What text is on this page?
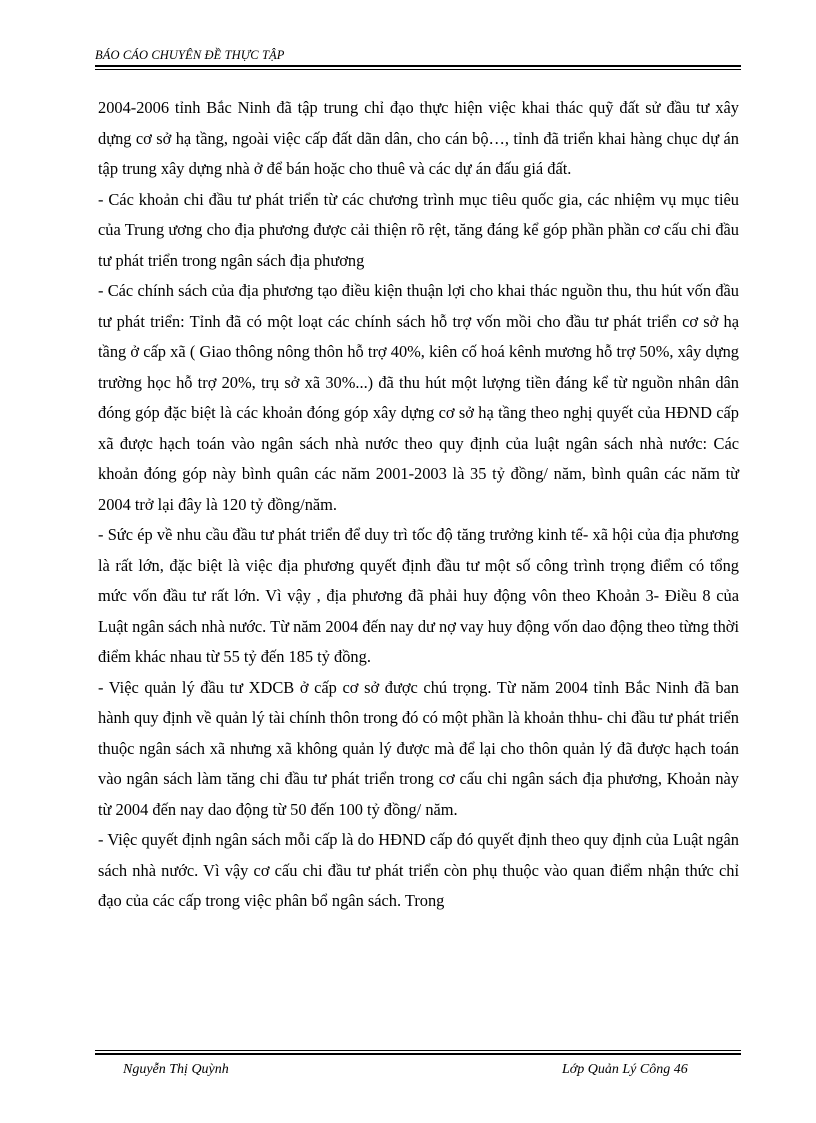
BÁO CÁO CHUYÊN ĐỀ THỰC TẬP

2004-2006 tỉnh Bắc Ninh đã tập trung chỉ đạo thực hiện việc khai thác quỹ đất sử đầu tư xây dựng cơ sở hạ tầng, ngoài việc cấp đất dãn dân, cho cán bộ…, tỉnh đã triển khai hàng chục dự án tập trung xây dựng nhà ở để bán hoặc cho thuê và các dự án đấu giá đất.

- Các khoản chi đầu tư phát triển từ các chương trình mục tiêu quốc gia, các nhiệm vụ mục tiêu của Trung ương cho địa phương được cải thiện rõ rệt, tăng đáng kể góp phần phần cơ cấu chi đầu tư phát triển trong ngân sách địa phương

- Các chính sách của địa phương tạo điều kiện thuận lợi cho khai thác nguồn thu, thu hút vốn đầu tư phát triển: Tỉnh đã có một loạt các chính sách hỗ trợ vốn mồi cho đầu tư phát triển cơ sở hạ tầng ở cấp xã ( Giao thông nông thôn hỗ trợ 40%, kiên cố hoá kênh mương hỗ trợ 50%, xây dựng trường học hỗ trợ 20%, trụ sở xã 30%...) đã thu hút một lượng tiền đáng kể từ nguồn nhân dân đóng góp đặc biệt là các khoản đóng góp xây dựng cơ sở hạ tầng theo nghị quyết của HĐND cấp xã được hạch toán vào ngân sách nhà nước theo quy định của luật ngân sách nhà nước: Các khoản đóng góp này bình quân các năm 2001-2003 là 35 tỷ đồng/ năm, bình quân các năm từ 2004 trở lại đây là 120 tỷ đồng/năm.

- Sức ép về nhu cầu đầu tư phát triển để duy trì tốc độ tăng trưởng kinh tế- xã hội của địa phương là rất lớn, đặc biệt là việc địa phương quyết định đầu tư một số công trình trọng điểm có tổng mức vốn đầu tư rất lớn. Vì vậy , địa phương đã phải huy động vôn theo Khoản 3- Điều 8 của Luật ngân sách nhà nước. Từ năm 2004 đến nay dư nợ vay huy động vốn dao động theo từng thời điểm khác nhau từ 55 tỷ đến 185 tỷ đồng.

- Việc quản lý đầu tư XDCB ở cấp cơ sở được chú trọng. Từ năm 2004 tỉnh Bắc Ninh đã ban hành quy định về quản lý tài chính thôn trong đó có một phần là khoản thhu- chi đầu tư phát triển thuộc ngân sách xã nhưng xã không quản lý được mà để lại cho thôn quản lý đã được hạch toán vào ngân sách làm tăng chi đầu tư phát triển trong cơ cấu chi ngân sách địa phương, Khoản này từ 2004 đến nay dao động từ 50 đến 100 tỷ đồng/ năm.

- Việc quyết định ngân sách mỗi cấp là do HĐND cấp đó quyết định theo quy định của Luật ngân sách nhà nước. Vì vậy cơ cấu chi đầu tư phát triển còn phụ thuộc vào quan điểm nhận thức chỉ đạo của các cấp trong việc phân bổ ngân sách. Trong

Nguyễn Thị Quỳnh	Lớp Quản Lý Công 46
